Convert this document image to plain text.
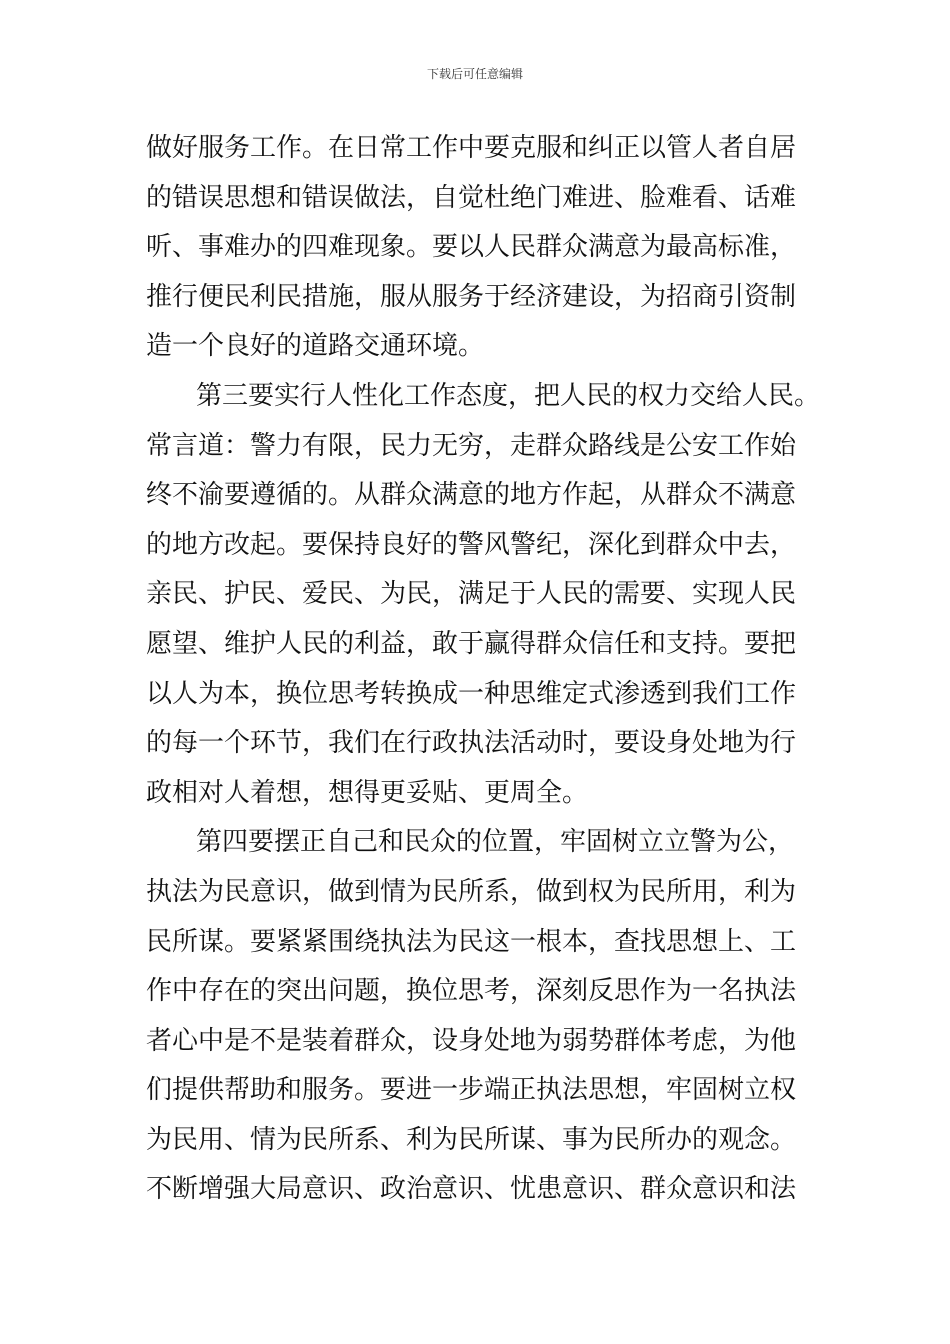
下载后可任意编辑
做好服务工作。在日常工作中要克服和纠正以管人者自居
的错误思想和错误做法，自觉杜绝门难进、脸难看、话难
听、事难办的四难现象。要以人民群众满意为最高标准，
推行便民利民措施，服从服务于经济建设，为招商引资制
造一个良好的道路交通环境。
第三要实行人性化工作态度，把人民的权力交给人民。
常言道：警力有限，民力无穷，走群众路线是公安工作始
终不渝要遵循的。从群众满意的地方作起，从群众不满意
的地方改起。要保持良好的警风警纪，深化到群众中去，
亲民、护民、爱民、为民，满足于人民的需要、实现人民
愿望、维护人民的利益，敢于赢得群众信任和支持。要把
以人为本，换位思考转换成一种思维定式渗透到我们工作
的每一个环节，我们在行政执法活动时，要设身处地为行
政相对人着想，想得更妥贴、更周全。
第四要摆正自己和民众的位置，牢固树立立警为公，
执法为民意识，做到情为民所系，做到权为民所用，利为
民所谋。要紧紧围绕执法为民这一根本，查找思想上、工
作中存在的突出问题，换位思考，深刻反思作为一名执法
者心中是不是装着群众，设身处地为弱势群体考虑，为他
们提供帮助和服务。要进一步端正执法思想，牢固树立权
为民用、情为民所系、利为民所谋、事为民所办的观念。
不断增强大局意识、政治意识、忧患意识、群众意识和法
